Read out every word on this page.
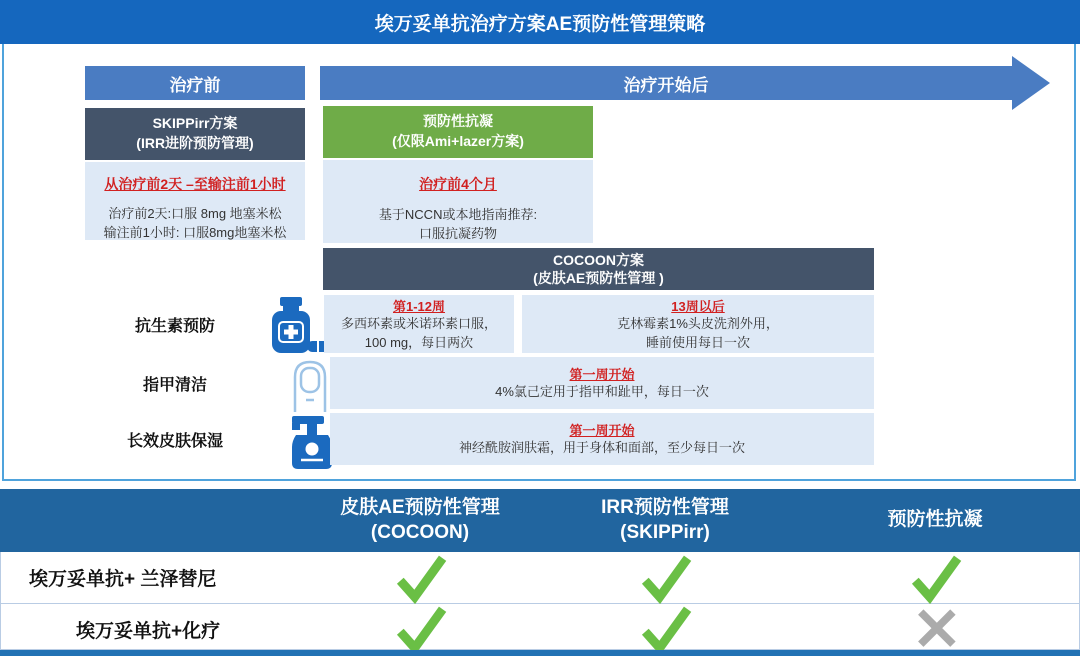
埃万妥单抗治疗方案AE预防性管理策略
治疗前	治疗开始后
SKIPPirr方案
(IRR进阶预防管理)
从治疗前2天 –至输注前1小时
治疗前2天:口服 8mg 地塞米松
输注前1小时: 口服8mg地塞米松
预防性抗凝
(仅限Ami+lazer方案)
治疗前4个月
基于NCCN或本地指南推荐:
口服抗凝药物
COCOON方案
(皮肤AE预防性管理 )
抗生素预防
第1-12周
多西环素或米诺环素口服，
100 mg，每日两次
13周以后
克林霉素1%头皮洗剂外用，
睡前使用每日一次
指甲清洁
第一周开始
4%氯己定用于指甲和趾甲，每日一次
长效皮肤保湿
第一周开始
神经酰胺润肤霜，用于身体和面部，至少每日一次
皮肤AE预防性管理
(COCOON)
IRR预防性管理
(SKIPPirr)
预防性抗凝
埃万妥单抗+ 兰泽替尼
埃万妥单抗+化疗
